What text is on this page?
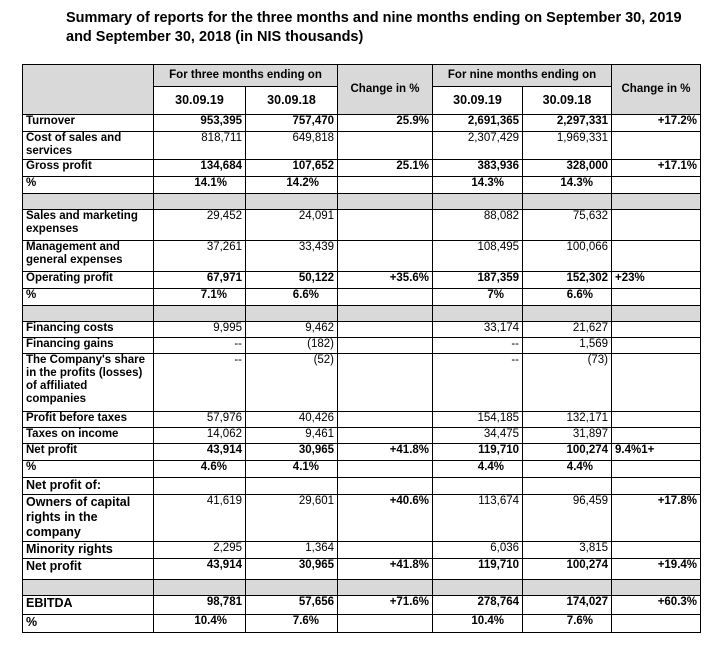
Summary of reports for the three months and nine months ending on September 30, 2019 and September 30, 2018 (in NIS thousands)
	For three months ending on		Change in %	For nine months ending on		Change in %
	30.09.19	30.09.18		30.09.19	30.09.18	
Turnover	953,395	757,470	25.9%	2,691,365	2,297,331	+17.2%
Cost of sales and services	818,711	649,818		2,307,429	1,969,331	
Gross profit	134,684	107,652	25.1%	383,936	328,000	+17.1%
%	14.1%	14.2%		14.3%	14.3%	

Sales and marketing expenses	29,452	24,091		88,082	75,632	
Management and general expenses	37,261	33,439		108,495	100,066	
Operating profit	67,971	50,122	+35.6%	187,359	152,302	+23%
%	7.1%	6.6%		7%	6.6%	

Financing costs	9,995	9,462		33,174	21,627	
Financing gains	--	(182)		--	1,569	
The Company's share in the profits (losses) of affiliated companies	--	(52)		--	(73)	
Profit before taxes	57,976	40,426		154,185	132,171	
Taxes on income	14,062	9,461		34,475	31,897	
Net profit	43,914	30,965	+41.8%	119,710	100,274	9.4%1+
%	4.6%	4.1%		4.4%	4.4%	
Net profit of:						
Owners of capital rights in the company	41,619	29,601	+40.6%	113,674	96,459	+17.8%
Minority rights	2,295	1,364		6,036	3,815	
Net profit	43,914	30,965	+41.8%	119,710	100,274	+19.4%

EBITDA	98,781	57,656	+71.6%	278,764	174,027	+60.3%
%	10.4%	7.6%		10.4%	7.6%	
